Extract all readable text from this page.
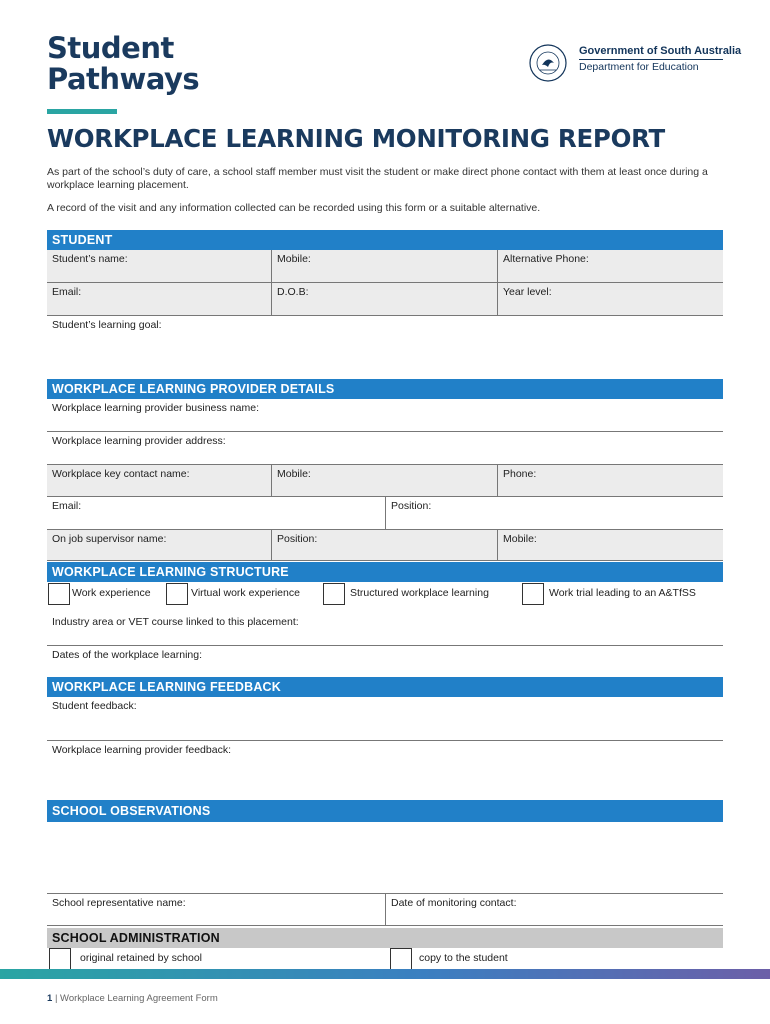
Student
Pathways
Government of South Australia
Department for Education
WORKPLACE LEARNING MONITORING REPORT
As part of the school’s duty of care, a school staff member must visit the student or make direct phone contact with them at least once during a workplace learning placement.
A record of the visit and any information collected can be recorded using this form or a suitable alternative.
STUDENT
Student’s name:	Mobile:	Alternative Phone:
Email:	D.O.B:	Year level:
Student’s learning goal:
WORKPLACE LEARNING PROVIDER DETAILS
Workplace learning provider business name:
Workplace learning provider address:
Workplace key contact name:	Mobile:	Phone:
Email:	Position:
On job supervisor name:	Position:	Mobile:
WORKPLACE LEARNING STRUCTURE
Work experience	Virtual work experience	Structured workplace learning	Work trial leading to an A&TfSS
Industry area or VET course linked to this placement:
Dates of the workplace learning:
WORKPLACE LEARNING FEEDBACK
Student feedback:
Workplace learning provider feedback:
SCHOOL OBSERVATIONS
School representative name:	Date of monitoring contact:
SCHOOL ADMINISTRATION
original retained by school	copy to the student
1 | Workplace Learning Agreement Form
